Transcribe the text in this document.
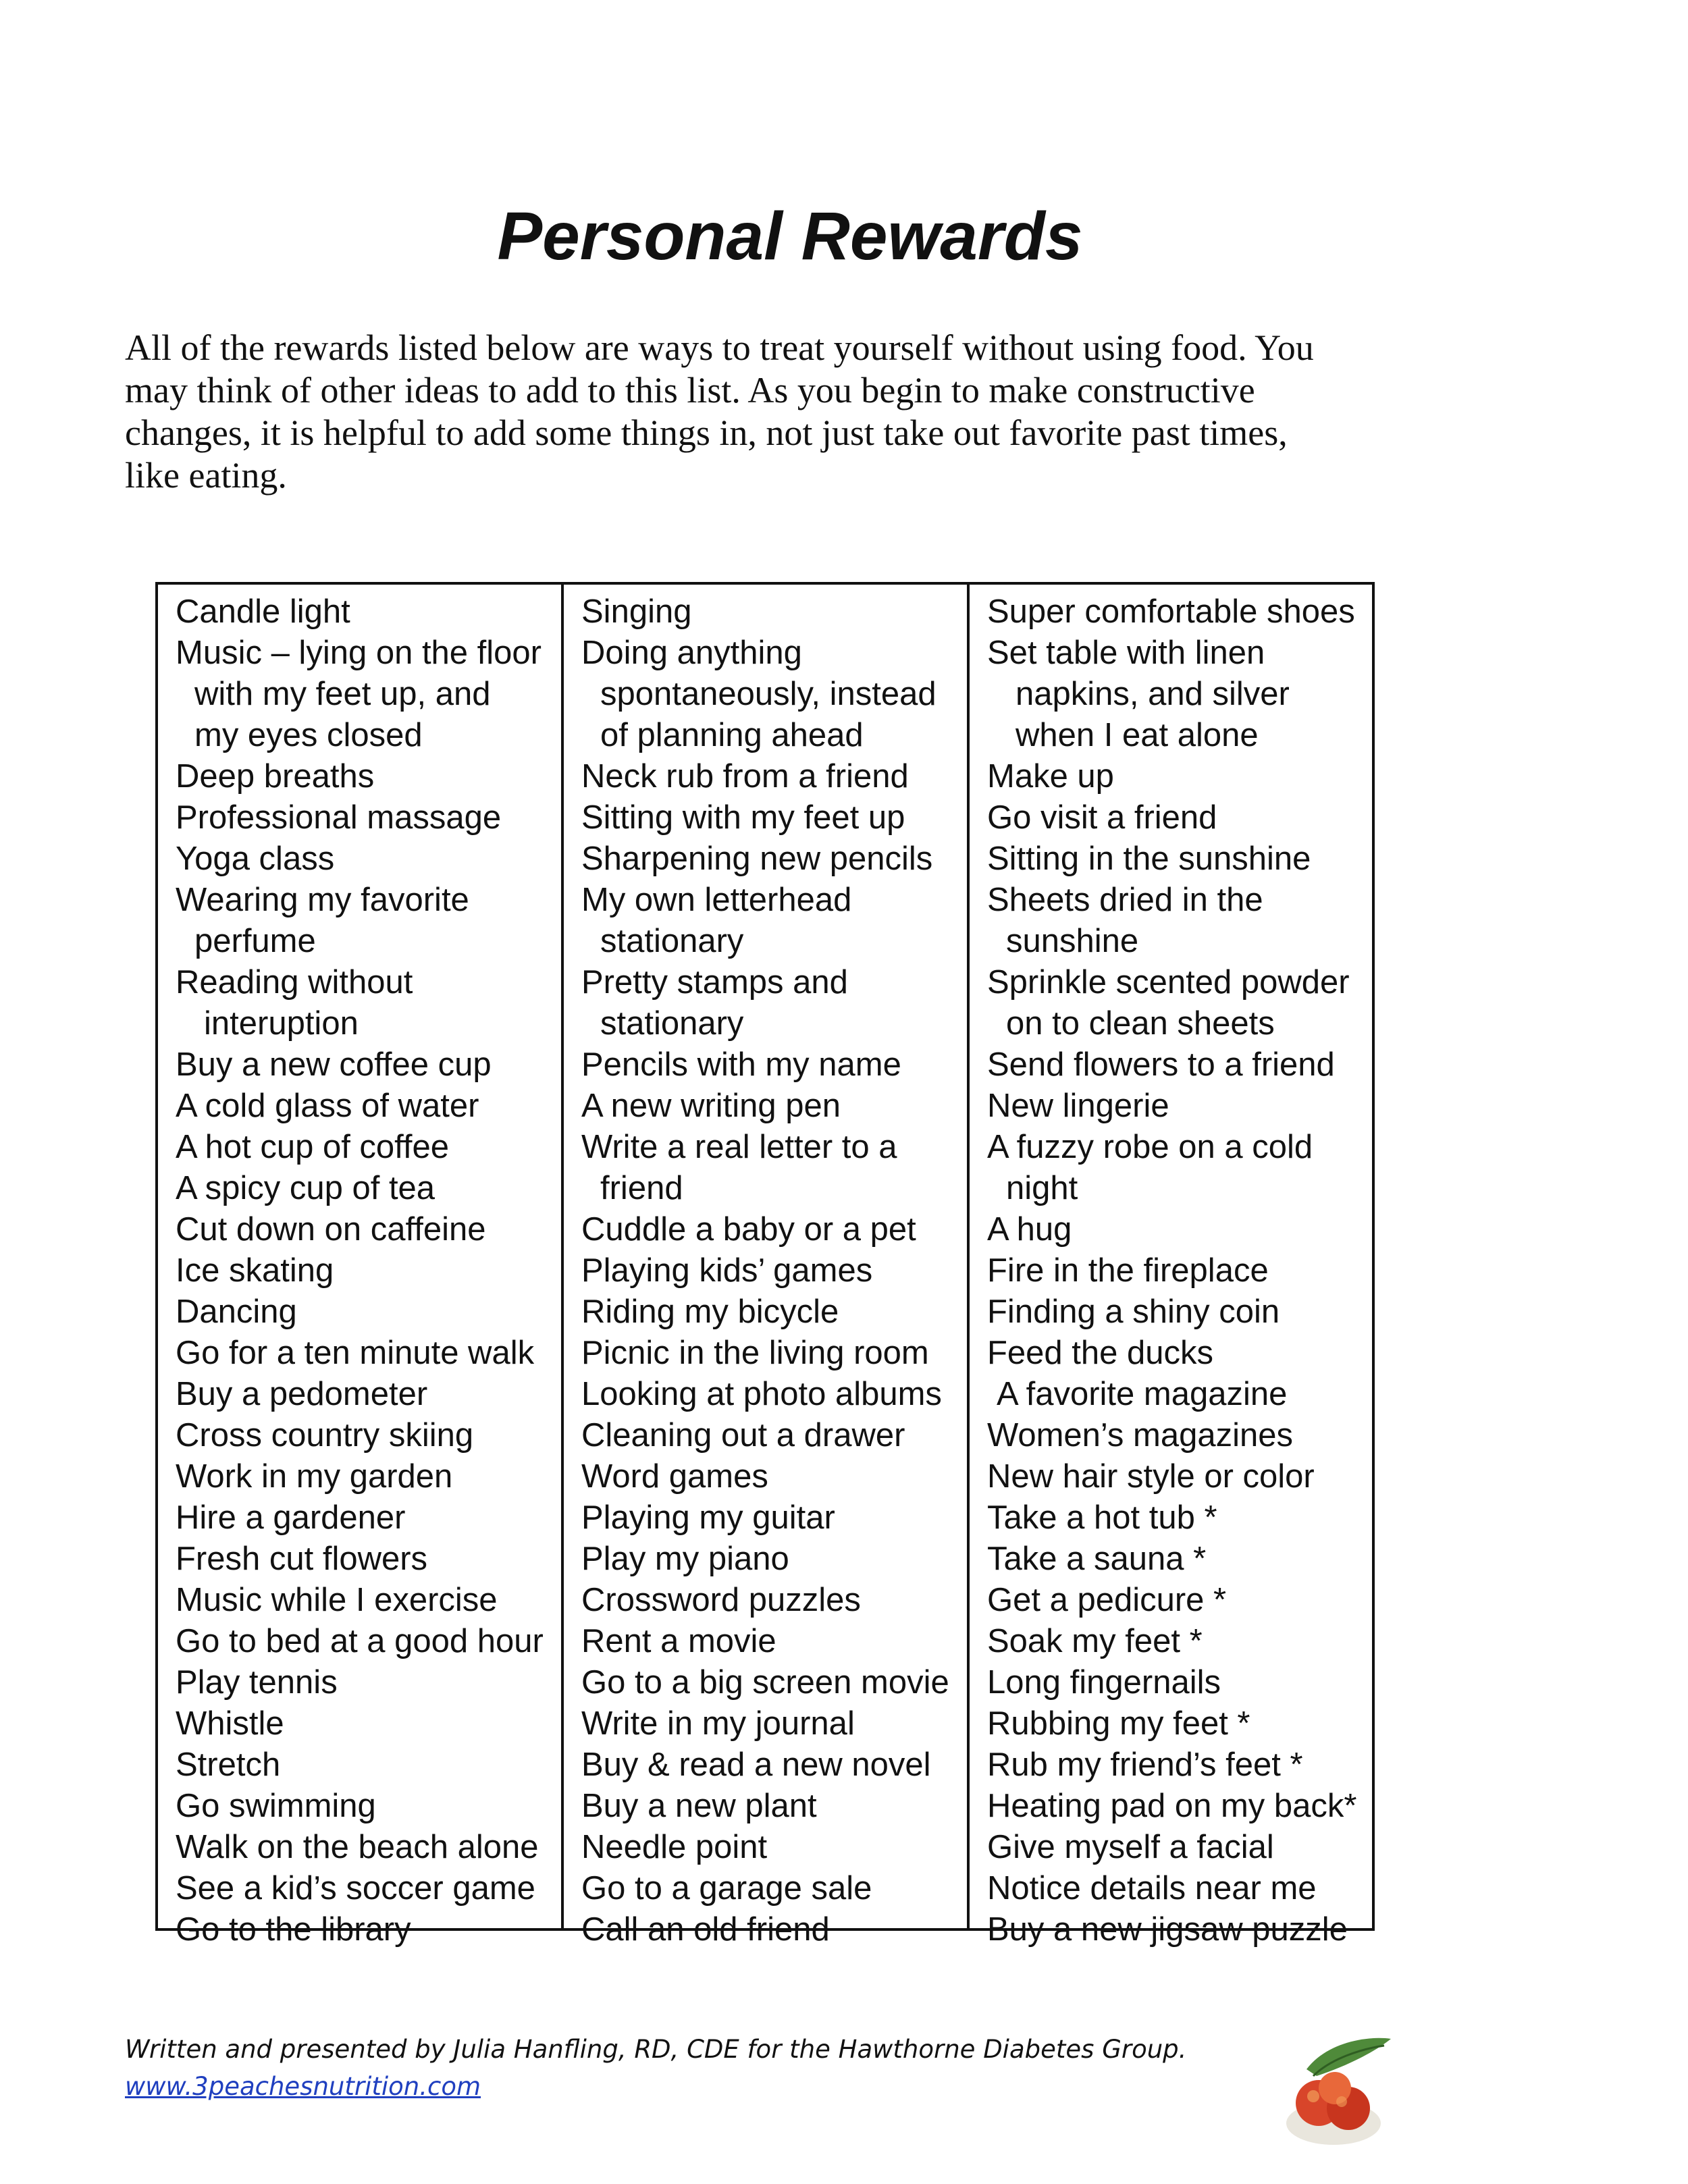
Personal Rewards
All of the rewards listed below are ways to treat yourself without using food. You
may think of other ideas to add to this list. As you begin to make constructive
changes, it is helpful to add some things in, not just take out favorite past times,
like eating.
Candle light
Music – lying on the floor
with my feet up, and
my eyes closed
Deep breaths
Professional massage
Yoga class
Wearing my favorite
perfume
Reading without
interuption
Buy a new coffee cup
A cold glass of water
A hot cup of coffee
A spicy cup of tea
Cut down on caffeine
Ice skating
Dancing
Go for a ten minute walk
Buy a pedometer
Cross country skiing
Work in my garden
Hire a gardener
Fresh cut flowers
Music while I exercise
Go to bed at a good hour
Play tennis
Whistle
Stretch
Go swimming
Walk on the beach alone
See a kid’s soccer game
Go to the library
Singing
Doing anything
spontaneously, instead
of planning ahead
Neck rub from a friend
Sitting with my feet up
Sharpening new pencils
My own letterhead
stationary
Pretty stamps and
stationary
Pencils with my name
A new writing pen
Write a real letter to a
friend
Cuddle a baby or a pet
Playing kids’ games
Riding my bicycle
Picnic in the living room
Looking at photo albums
Cleaning out a drawer
Word games
Playing my guitar
Play my piano
Crossword puzzles
Rent a movie
Go to a big screen movie
Write in my journal
Buy & read a new novel
Buy a new plant
Needle point
Go to a garage sale
Call an old friend
Super comfortable shoes
Set table with linen
napkins, and silver
when I eat alone
Make up
Go visit a friend
Sitting in the sunshine
Sheets dried in the
sunshine
Sprinkle scented powder
on to clean sheets
Send flowers to a friend
New lingerie
A fuzzy robe on a cold
night
A hug
Fire in the fireplace
Finding a shiny coin
Feed the ducks
A favorite magazine
Women’s magazines
New hair style or color
Take a hot tub *
Take a sauna *
Get a pedicure *
Soak my feet *
Long fingernails
Rubbing my feet *
Rub my friend’s feet *
Heating pad on my back*
Give myself a facial
Notice details near me
Buy a new jigsaw puzzle
Written and presented by Julia Hanfling, RD, CDE for the Hawthorne Diabetes Group.
www.3peachesnutrition.com
